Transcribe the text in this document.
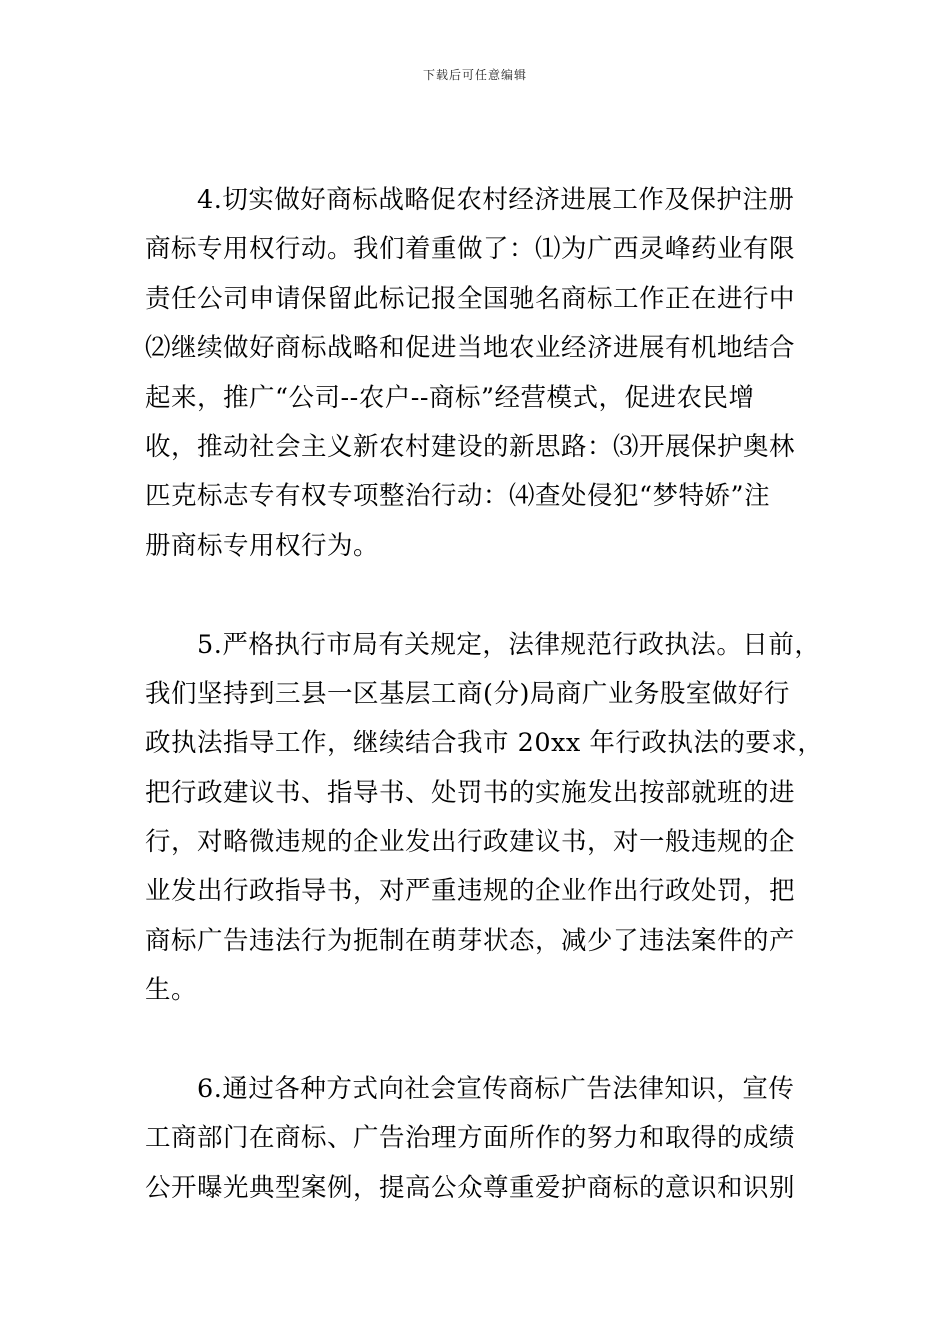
下载后可任意编辑
4.切实做好商标战略促农村经济进展工作及保护注册
商标专用权行动。我们着重做了：⑴为广西灵峰药业有限
责任公司申请保留此标记报全国驰名商标工作正在进行中
⑵继续做好商标战略和促进当地农业经济进展有机地结合
起来，推广“公司--农户--商标”经营模式，促进农民增
收，推动社会主义新农村建设的新思路：⑶开展保护奥林
匹克标志专有权专项整治行动：⑷查处侵犯“梦特娇”注
册商标专用权行为。
5.严格执行市局有关规定，法律规范行政执法。日前，
我们坚持到三县一区基层工商(分)局商广业务股室做好行
政执法指导工作，继续结合我市 20xx 年行政执法的要求，
把行政建议书、指导书、处罚书的实施发出按部就班的进
行，对略微违规的企业发出行政建议书，对一般违规的企
业发出行政指导书，对严重违规的企业作出行政处罚，把
商标广告违法行为扼制在萌芽状态，减少了违法案件的产
生。
6.通过各种方式向社会宣传商标广告法律知识，宣传
工商部门在商标、广告治理方面所作的努力和取得的成绩
公开曝光典型案例，提高公众尊重爱护商标的意识和识别
